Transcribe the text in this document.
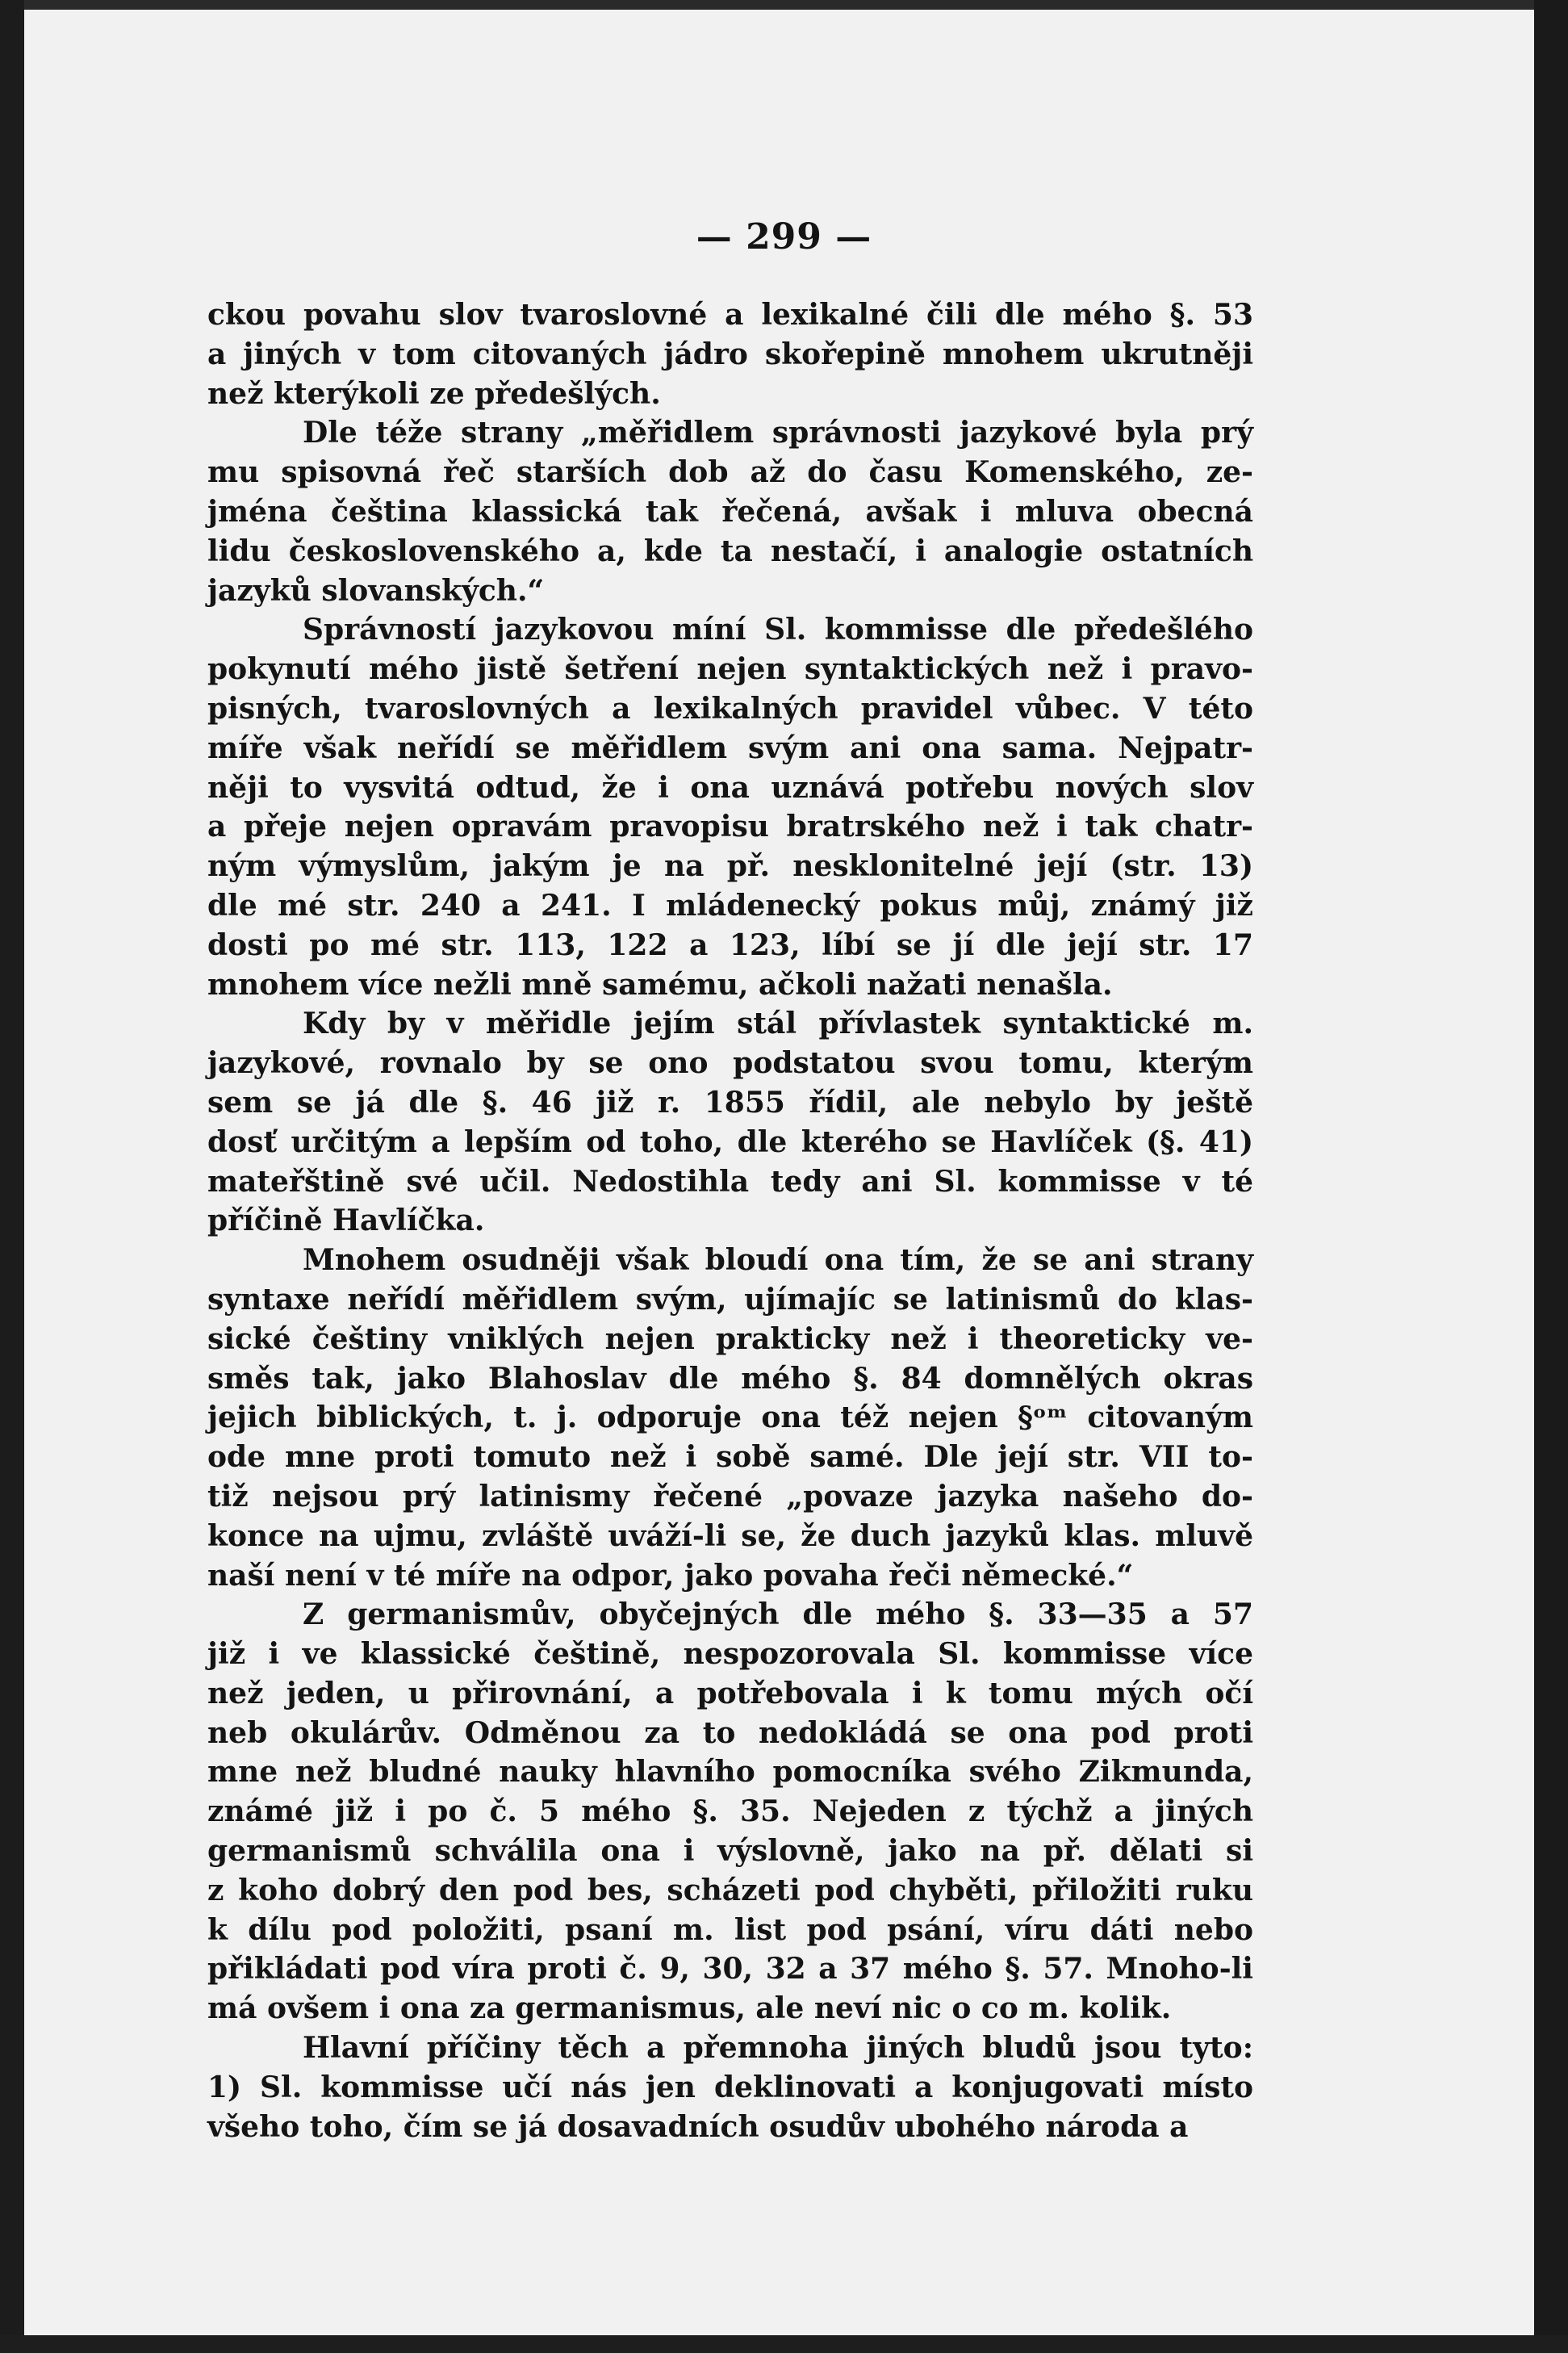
— 299 —
ckou povahu slov tvaroslovné a lexikalné čili dle mého §. 53
a jiných v tom citovaných jádro skořepině mnohem ukrutněji
než kterýkoli ze předešlých.
Dle téže strany „měřidlem správnosti jazykové byla prý
mu spisovná řeč starších dob až do času Komenského, ze-
jména čeština klassická tak řečená, avšak i mluva obecná
lidu československého a, kde ta nestačí, i analogie ostatních
jazyků slovanských.“
Správností jazykovou míní Sl. kommisse dle předešlého
pokynutí mého jistě šetření nejen syntaktických než i pravo-
pisných, tvaroslovných a lexikalných pravidel vůbec. V této
míře však neřídí se měřidlem svým ani ona sama. Nejpatr-
něji to vysvitá odtud, že i ona uznává potřebu nových slov
a přeje nejen opravám pravopisu bratrského než i tak chatr-
ným výmyslům, jakým je na př. nesklonitelné její (str. 13)
dle mé str. 240 a 241. I mládenecký pokus můj, známý již
dosti po mé str. 113, 122 a 123, líbí se jí dle její str. 17
mnohem více nežli mně samému, ačkoli nažati nenašla.
Kdy by v měřidle jejím stál přívlastek syntaktické m.
jazykové, rovnalo by se ono podstatou svou tomu, kterým
sem se já dle §. 46 již r. 1855 řídil, ale nebylo by ještě
dosť určitým a lepším od toho, dle kterého se Havlíček (§. 41)
mateřštině své učil. Nedostihla tedy ani Sl. kommisse v té
příčině Havlíčka.
Mnohem osudněji však bloudí ona tím, že se ani strany
syntaxe neřídí měřidlem svým, ujímajíc se latinismů do klas-
sické češtiny vniklých nejen prakticky než i theoreticky ve-
směs tak, jako Blahoslav dle mého §. 84 domnělých okras
jejich biblických, t. j. odporuje ona též nejen §ᵒᵐ citovaným
ode mne proti tomuto než i sobě samé. Dle její str. VII to-
tiž nejsou prý latinismy řečené „povaze jazyka našeho do-
konce na ujmu, zvláště uváží-li se, že duch jazyků klas. mluvě
naší není v té míře na odpor, jako povaha řeči německé.“
Z germanismův, obyčejných dle mého §. 33—35 a 57
již i ve klassické češtině, nespozorovala Sl. kommisse více
než jeden, u přirovnání, a potřebovala i k tomu mých očí
neb okulárův. Odměnou za to nedokládá se ona pod proti
mne než bludné nauky hlavního pomocníka svého Zikmunda,
známé již i po č. 5 mého §. 35. Nejeden z týchž a jiných
germanismů schválila ona i výslovně, jako na př. dělati si
z koho dobrý den pod bes, scházeti pod chyběti, přiložiti ruku
k dílu pod položiti, psaní m. list pod psání, víru dáti nebo
přikládati pod víra proti č. 9, 30, 32 a 37 mého §. 57. Mnoho-li
má ovšem i ona za germanismus, ale neví nic o co m. kolik.
Hlavní příčiny těch a přemnoha jiných bludů jsou tyto:
1) Sl. kommisse učí nás jen deklinovati a konjugovati místo
všeho toho, čím se já dosavadních osudův ubohého národa a
